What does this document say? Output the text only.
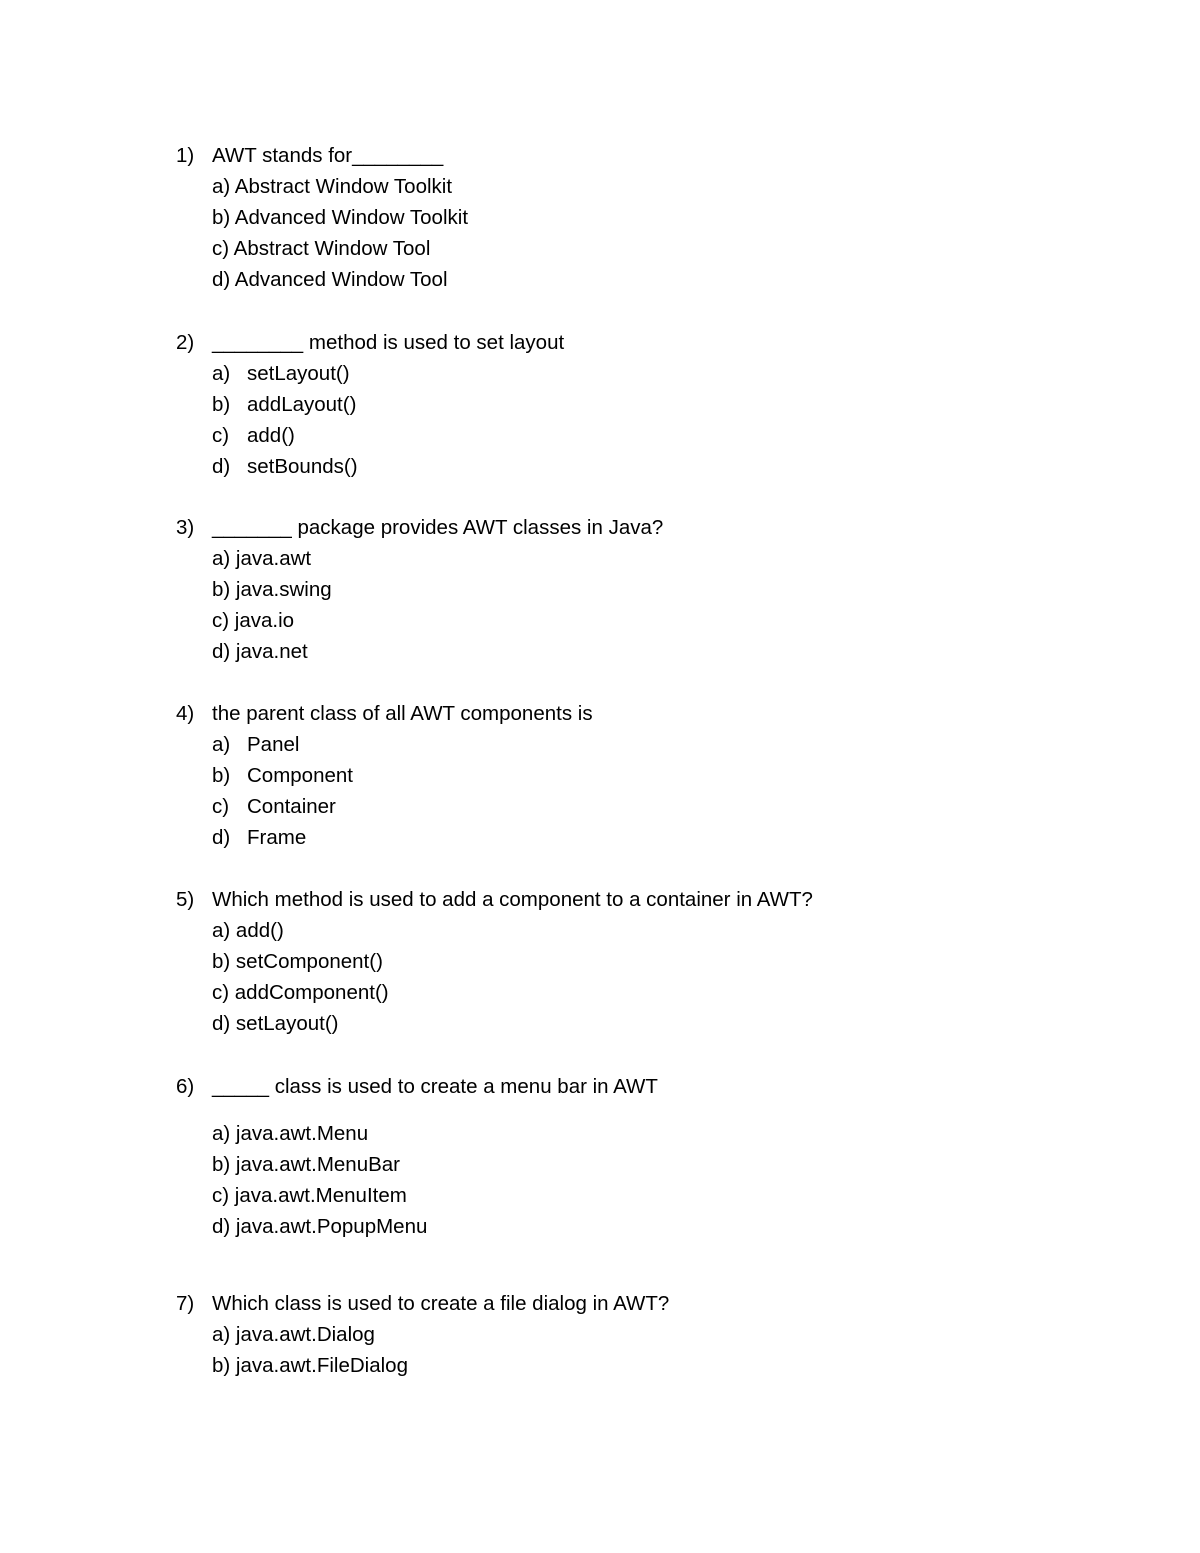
1) AWT stands for________
a) Abstract Window Toolkit
b) Advanced Window Toolkit
c) Abstract Window Tool
d) Advanced Window Tool
2) ________ method is used to set layout
a) setLayout()
b) addLayout()
c) add()
d) setBounds()
3) _______ package provides AWT classes in Java?
a) java.awt
b) java.swing
c) java.io
d) java.net
4) the parent class of all AWT components is
a) Panel
b) Component
c) Container
d) Frame
5) Which method is used to add a component to a container in AWT?
a) add()
b) setComponent()
c) addComponent()
d) setLayout()
6) _____ class is used to create a menu bar in AWT
a) java.awt.Menu
b) java.awt.MenuBar
c) java.awt.MenuItem
d) java.awt.PopupMenu
7) Which class is used to create a file dialog in AWT?
a) java.awt.Dialog
b) java.awt.FileDialog
